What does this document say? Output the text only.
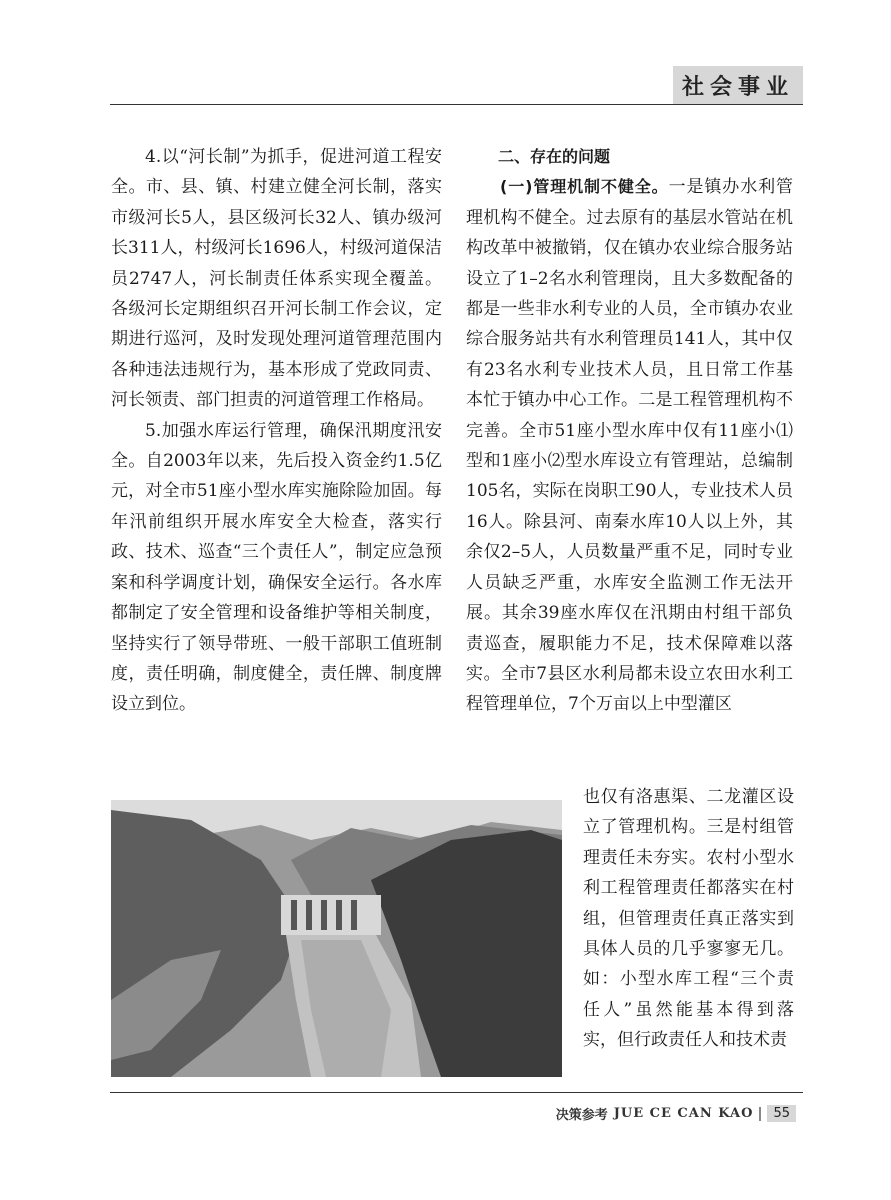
社会事业

4.以“河长制”为抓手，促进河道工程安全。市、县、镇、村建立健全河长制，落实市级河长5人，县区级河长32人、镇办级河长311人，村级河长1696人，村级河道保洁员2747人，河长制责任体系实现全覆盖。各级河长定期组织召开河长制工作会议，定期进行巡河，及时发现处理河道管理范围内各种违法违规行为，基本形成了党政同责、河长领责、部门担责的河道管理工作格局。

5.加强水库运行管理，确保汛期度汛安全。自2003年以来，先后投入资金约1.5亿元，对全市51座小型水库实施除险加固。每年汛前组织开展水库安全大检查，落实行政、技术、巡查“三个责任人”，制定应急预案和科学调度计划，确保安全运行。各水库都制定了安全管理和设备维护等相关制度，坚持实行了领导带班、一般干部职工值班制度，责任明确，制度健全，责任牌、制度牌设立到位。

二、存在的问题

(一)管理机制不健全。一是镇办水利管理机构不健全。过去原有的基层水管站在机构改革中被撤销，仅在镇办农业综合服务站设立了1–2名水利管理岗，且大多数配备的都是一些非水利专业的人员，全市镇办农业综合服务站共有水利管理员141人，其中仅有23名水利专业技术人员，且日常工作基本忙于镇办中心工作。二是工程管理机构不完善。全市51座小型水库中仅有11座小⑴型和1座小⑵型水库设立有管理站，总编制105名，实际在岗职工90人，专业技术人员16人。除县河、南秦水库10人以上外，其余仅2–5人，人员数量严重不足，同时专业人员缺乏严重，水库安全监测工作无法开展。其余39座水库仅在汛期由村组干部负责巡查，履职能力不足，技术保障难以落实。全市7县区水利局都未设立农田水利工程管理单位，7个万亩以上中型灌区

也仅有洛惠渠、二龙灌区设立了管理机构。三是村组管理责任未夯实。农村小型水利工程管理责任都落实在村组，但管理责任真正落实到具体人员的几乎寥寥无几。如：小型水库工程“三个责任人”虽然能基本得到落实，但行政责任人和技术责

决策参考 JUE CE CAN KAO	55
